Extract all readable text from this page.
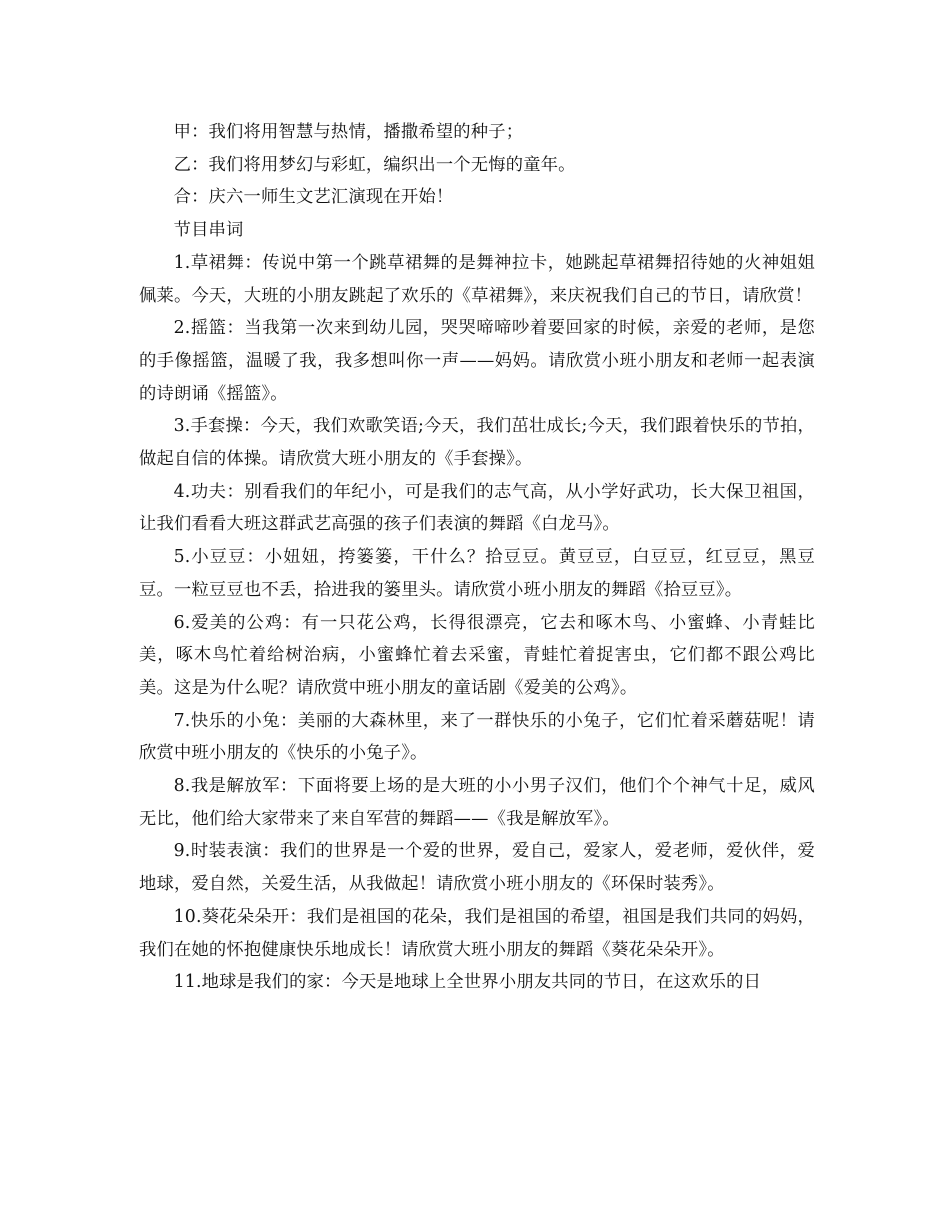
甲：我们将用智慧与热情，播撒希望的种子；

乙：我们将用梦幻与彩虹，编织出一个无悔的童年。

合：庆六一师生文艺汇演现在开始！

节目串词

1.草裙舞：传说中第一个跳草裙舞的是舞神拉卡，她跳起草裙舞招待她的火神姐姐佩莱。今天，大班的小朋友跳起了欢乐的《草裙舞》，来庆祝我们自己的节日，请欣赏！

2.摇篮：当我第一次来到幼儿园，哭哭啼啼吵着要回家的时候，亲爱的老师，是您的手像摇篮，温暖了我，我多想叫你一声——妈妈。请欣赏小班小朋友和老师一起表演的诗朗诵《摇篮》。

3.手套操：今天，我们欢歌笑语;今天，我们茁壮成长;今天，我们跟着快乐的节拍，做起自信的体操。请欣赏大班小朋友的《手套操》。

4.功夫：别看我们的年纪小，可是我们的志气高，从小学好武功，长大保卫祖国，让我们看看大班这群武艺高强的孩子们表演的舞蹈《白龙马》。

5.小豆豆：小妞妞，挎篓篓，干什么？拾豆豆。黄豆豆，白豆豆，红豆豆，黑豆豆。一粒豆豆也不丢，拾进我的篓里头。请欣赏小班小朋友的舞蹈《拾豆豆》。

6.爱美的公鸡：有一只花公鸡，长得很漂亮，它去和啄木鸟、小蜜蜂、小青蛙比美，啄木鸟忙着给树治病，小蜜蜂忙着去采蜜，青蛙忙着捉害虫，它们都不跟公鸡比美。这是为什么呢？请欣赏中班小朋友的童话剧《爱美的公鸡》。

7.快乐的小兔：美丽的大森林里，来了一群快乐的小兔子，它们忙着采蘑菇呢！请欣赏中班小朋友的《快乐的小兔子》。

8.我是解放军：下面将要上场的是大班的小小男子汉们，他们个个神气十足，威风无比，他们给大家带来了来自军营的舞蹈——《我是解放军》。

9.时装表演：我们的世界是一个爱的世界，爱自己，爱家人，爱老师，爱伙伴，爱地球，爱自然，关爱生活，从我做起！请欣赏小班小朋友的《环保时装秀》。

10.葵花朵朵开：我们是祖国的花朵，我们是祖国的希望，祖国是我们共同的妈妈，我们在她的怀抱健康快乐地成长！请欣赏大班小朋友的舞蹈《葵花朵朵开》。

11.地球是我们的家：今天是地球上全世界小朋友共同的节日，在这欢乐的日
